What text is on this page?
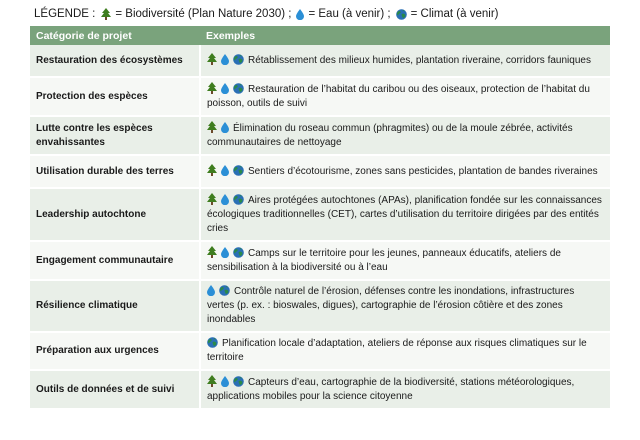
LÉGENDE : = Biodiversité (Plan Nature 2030) ; = Eau (à venir) ; = Climat (à venir)
Catégorie de projet	Exemples
Restauration des écosystèmes	Rétablissement des milieux humides, plantation riveraine, corridors fauniques
Protection des espèces	Restauration de l’habitat du caribou ou des oiseaux, protection de l’habitat du poisson, outils de suivi
Lutte contre les espèces envahissantes	Élimination du roseau commun (phragmites) ou de la moule zébrée, activités communautaires de nettoyage
Utilisation durable des terres	Sentiers d’écotourisme, zones sans pesticides, plantation de bandes riveraines
Leadership autochtone	Aires protégées autochtones (APAs), planification fondée sur les connaissances écologiques traditionnelles (CET), cartes d’utilisation du territoire dirigées par des entités cries
Engagement communautaire	Camps sur le territoire pour les jeunes, panneaux éducatifs, ateliers de sensibilisation à la biodiversité ou à l’eau
Résilience climatique	Contrôle naturel de l’érosion, défenses contre les inondations, infrastructures vertes (p. ex. : bioswales, digues), cartographie de l’érosion côtière et des zones inondables
Préparation aux urgences	Planification locale d’adaptation, ateliers de réponse aux risques climatiques sur le territoire
Outils de données et de suivi	Capteurs d’eau, cartographie de la biodiversité, stations météorologiques, applications mobiles pour la science citoyenne
